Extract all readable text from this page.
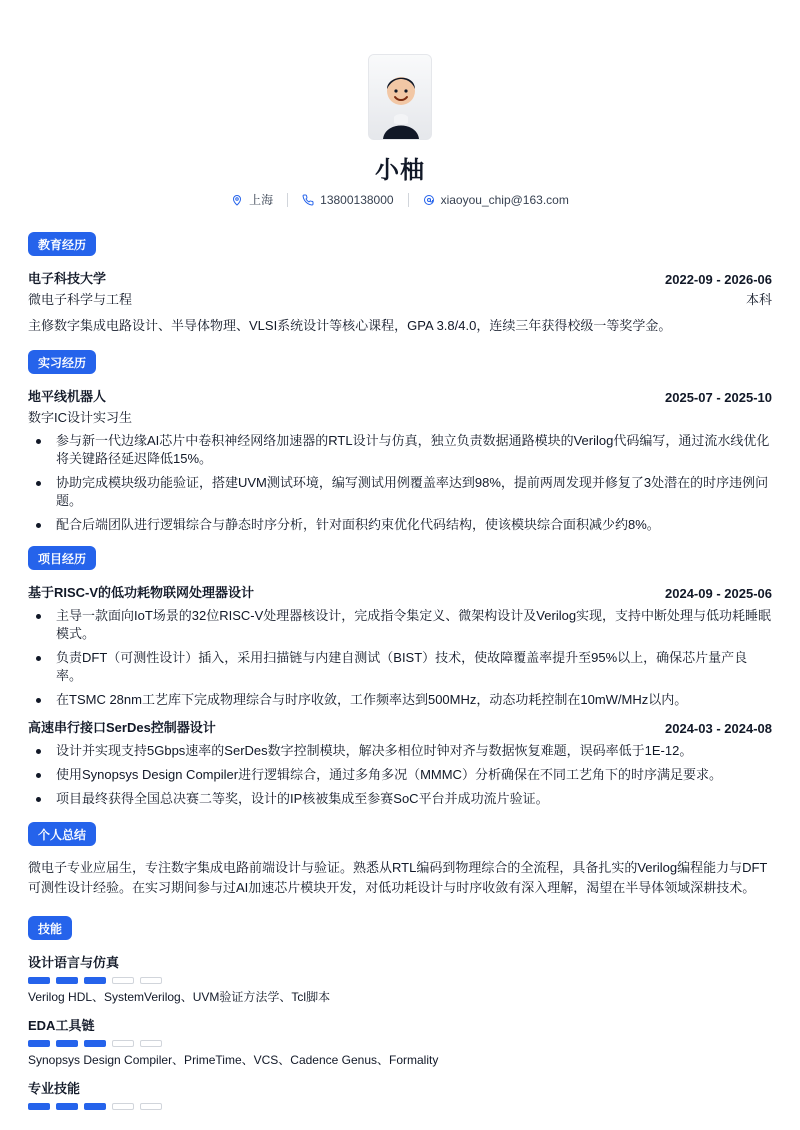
小柚
上海	13800138000	xiaoyou_chip@163.com
教育经历
电子科技大学	2022-09 - 2026-06
微电子科学与工程	本科
主修数字集成电路设计、半导体物理、VLSI系统设计等核心课程，GPA 3.8/4.0，连续三年获得校级一等奖学金。
实习经历
地平线机器人	2025-07 - 2025-10
数字IC设计实习生
参与新一代边缘AI芯片中卷积神经网络加速器的RTL设计与仿真，独立负责数据通路模块的Verilog代码编写，通过流水线优化将关键路径延迟降低15%。
协助完成模块级功能验证，搭建UVM测试环境，编写测试用例覆盖率达到98%，提前两周发现并修复了3处潜在的时序违例问题。
配合后端团队进行逻辑综合与静态时序分析，针对面积约束优化代码结构，使该模块综合面积减少约8%。
项目经历
基于RISC-V的低功耗物联网处理器设计	2024-09 - 2025-06
主导一款面向IoT场景的32位RISC-V处理器核设计，完成指令集定义、微架构设计及Verilog实现，支持中断处理与低功耗睡眠模式。
负责DFT（可测性设计）插入，采用扫描链与内建自测试（BIST）技术，使故障覆盖率提升至95%以上，确保芯片量产良率。
在TSMC 28nm工艺库下完成物理综合与时序收敛，工作频率达到500MHz，动态功耗控制在10mW/MHz以内。
高速串行接口SerDes控制器设计	2024-03 - 2024-08
设计并实现支持5Gbps速率的SerDes数字控制模块，解决多相位时钟对齐与数据恢复难题，误码率低于1E-12。
使用Synopsys Design Compiler进行逻辑综合，通过多角多况（MMMC）分析确保在不同工艺角下的时序满足要求。
项目最终获得全国总决赛二等奖，设计的IP核被集成至参赛SoC平台并成功流片验证。
个人总结
微电子专业应届生，专注数字集成电路前端设计与验证。熟悉从RTL编码到物理综合的全流程，具备扎实的Verilog编程能力与DFT可测性设计经验。在实习期间参与过AI加速芯片模块开发，对低功耗设计与时序收敛有深入理解，渴望在半导体领域深耕技术。
技能
设计语言与仿真
Verilog HDL、SystemVerilog、UVM验证方法学、Tcl脚本
EDA工具链
Synopsys Design Compiler、PrimeTime、VCS、Cadence Genus、Formality
专业技能
